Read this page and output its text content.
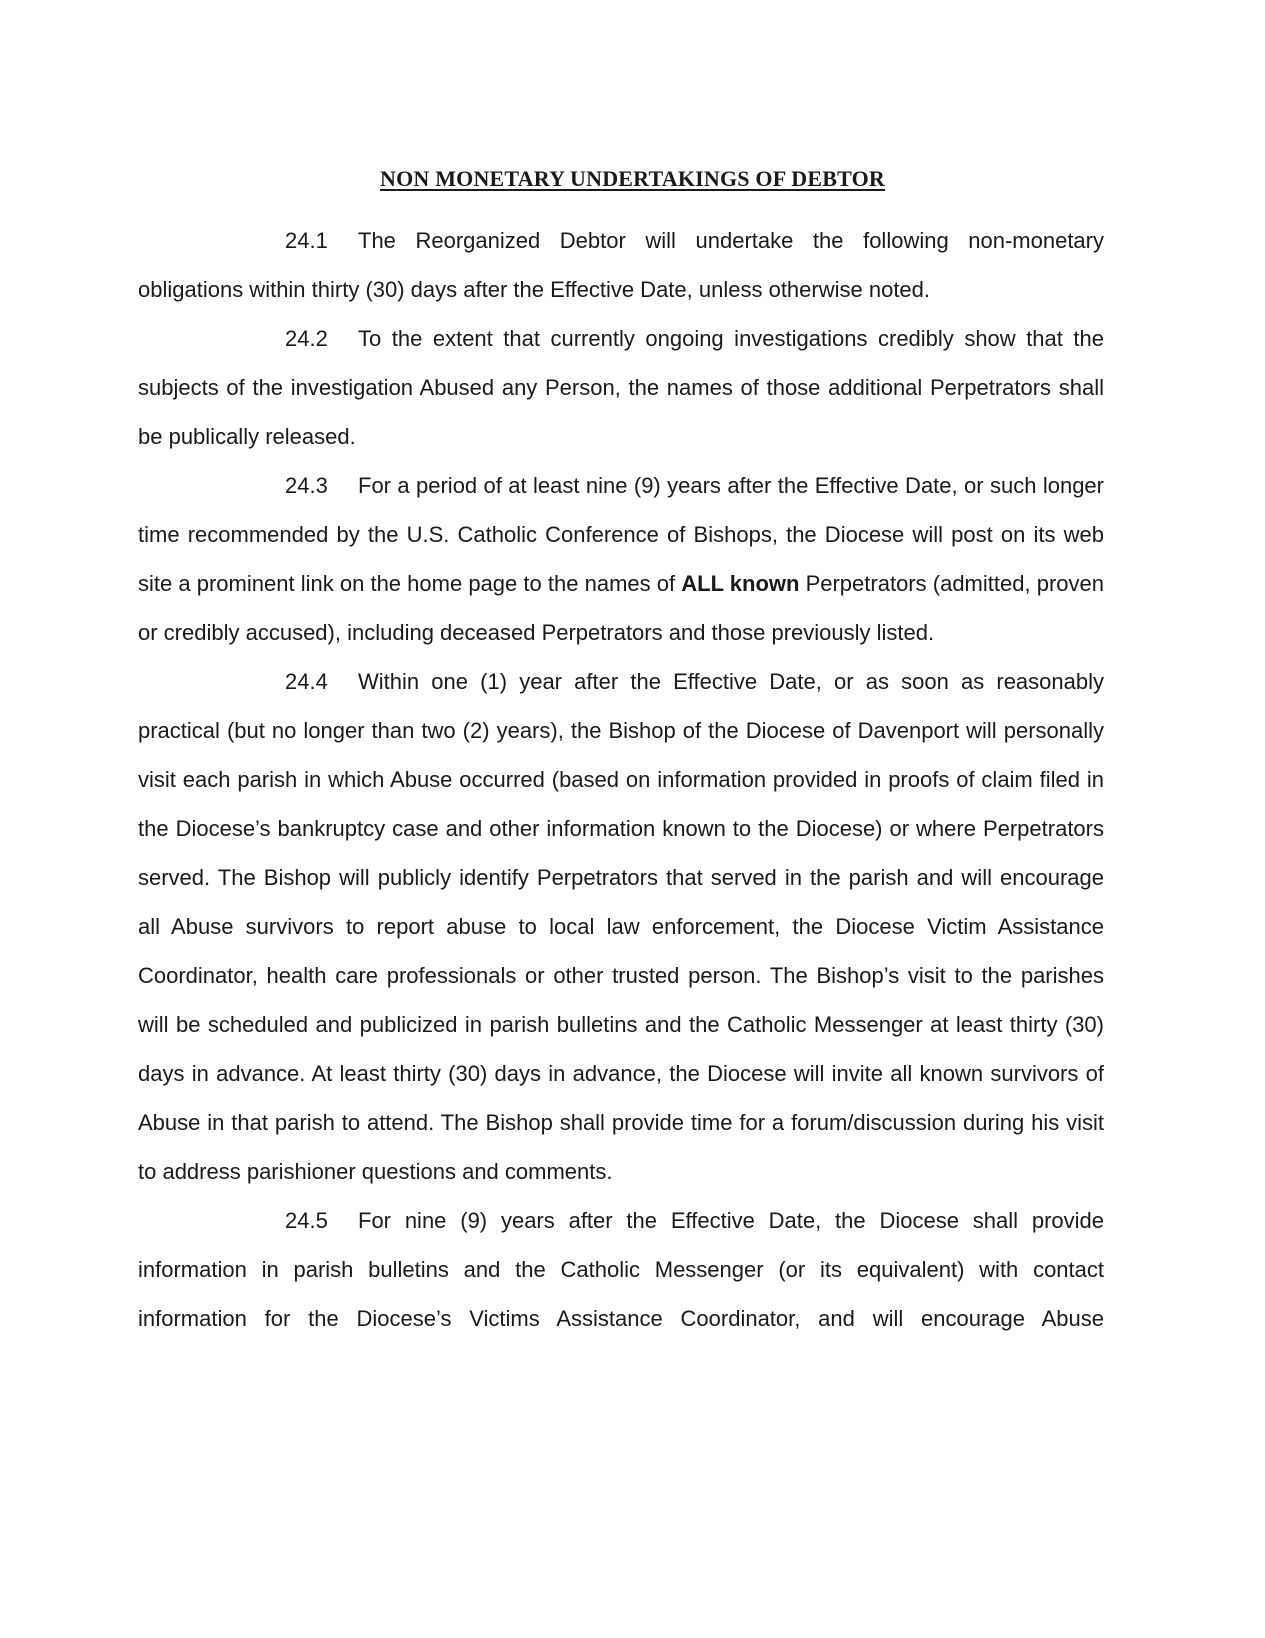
NON MONETARY UNDERTAKINGS OF DEBTOR

24.1 The Reorganized Debtor will undertake the following non-monetary obligations within thirty (30) days after the Effective Date, unless otherwise noted.

24.2 To the extent that currently ongoing investigations credibly show that the subjects of the investigation Abused any Person, the names of those additional Perpetrators shall be publically released.

24.3 For a period of at least nine (9) years after the Effective Date, or such longer time recommended by the U.S. Catholic Conference of Bishops, the Diocese will post on its web site a prominent link on the home page to the names of ALL known Perpetrators (admitted, proven or credibly accused), including deceased Perpetrators and those previously listed.

24.4 Within one (1) year after the Effective Date, or as soon as reasonably practical (but no longer than two (2) years), the Bishop of the Diocese of Davenport will personally visit each parish in which Abuse occurred (based on information provided in proofs of claim filed in the Diocese’s bankruptcy case and other information known to the Diocese) or where Perpetrators served. The Bishop will publicly identify Perpetrators that served in the parish and will encourage all Abuse survivors to report abuse to local law enforcement, the Diocese Victim Assistance Coordinator, health care professionals or other trusted person. The Bishop’s visit to the parishes will be scheduled and publicized in parish bulletins and the Catholic Messenger at least thirty (30) days in advance. At least thirty (30) days in advance, the Diocese will invite all known survivors of Abuse in that parish to attend. The Bishop shall provide time for a forum/discussion during his visit to address parishioner questions and comments.

24.5 For nine (9) years after the Effective Date, the Diocese shall provide information in parish bulletins and the Catholic Messenger (or its equivalent) with contact information for the Diocese’s Victims Assistance Coordinator, and will encourage Abuse
